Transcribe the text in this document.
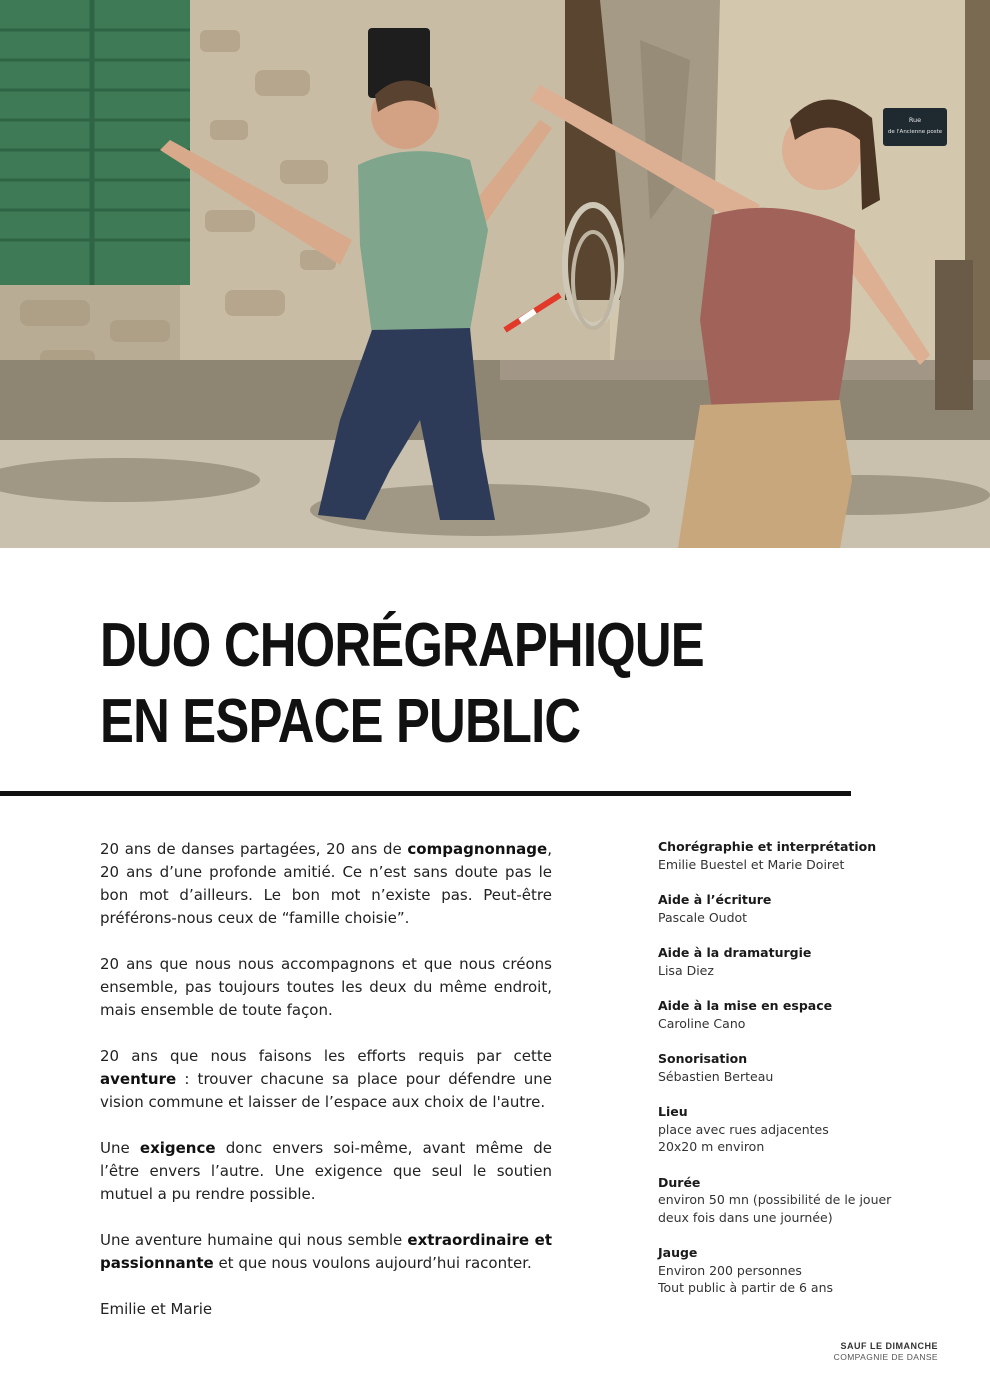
Rue
de l'Ancienne poste
DUO CHORÉGRAPHIQUE
EN ESPACE PUBLIC

20 ans de danses partagées, 20 ans de compagnonnage, 20 ans d’une profonde amitié. Ce n’est sans doute pas le bon mot d’ailleurs. Le bon mot n’existe pas. Peut-être préférons-nous ceux de “famille choisie”.

20 ans que nous nous accompagnons et que nous créons ensemble, pas toujours toutes les deux du même endroit, mais ensemble de toute façon.

20 ans que nous faisons les efforts requis par cette aventure : trouver chacune sa place pour défendre une vision commune et laisser de l’espace aux choix de l'autre.

Une exigence donc envers soi-même, avant même de l’être envers l’autre. Une exigence que seul le soutien mutuel a pu rendre possible.

Une aventure humaine qui nous semble extraordinaire et passionnante et que nous voulons aujourd’hui raconter.

Emilie et Marie

Chorégraphie et interprétation
Emilie Buestel et Marie Doiret
Aide à l’écriture
Pascale Oudot
Aide à la dramaturgie
Lisa Diez
Aide à la mise en espace
Caroline Cano
Sonorisation
Sébastien Berteau
Lieu
place avec rues adjacentes
20x20 m environ
Durée
environ 50 mn (possibilité de le jouer deux fois dans une journée)
Jauge
Environ 200 personnes
Tout public à partir de 6 ans
SAUF LE DIMANCHE
COMPAGNIE DE DANSE
